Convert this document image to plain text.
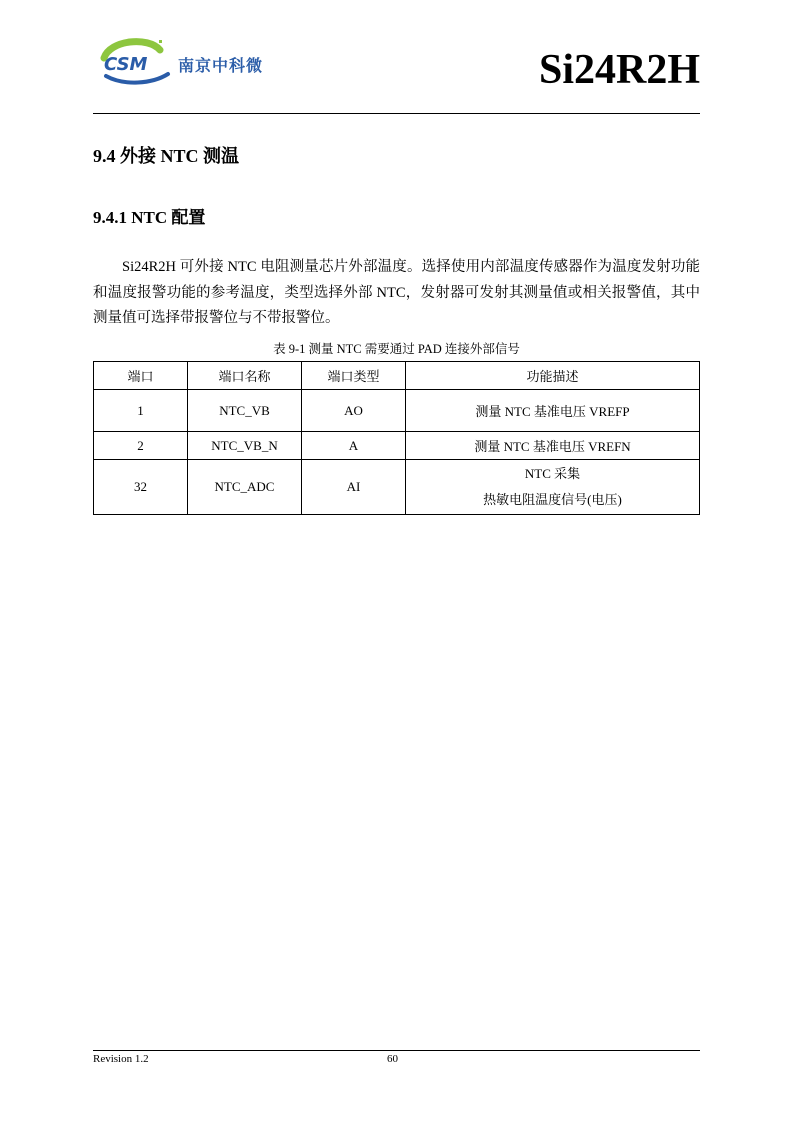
CSM 南京中科微	Si24R2H
9.4 外接 NTC 测温
9.4.1 NTC 配置

Si24R2H 可外接 NTC 电阻测量芯片外部温度。选择使用内部温度传感器作为温度发射功能和温度报警功能的参考温度，类型选择外部 NTC，发射器可发射其测量值或相关报警值，其中测量值可选择带报警位与不带报警位。

表 9-1 测量 NTC 需要通过 PAD 连接外部信号
端口	端口名称	端口类型	功能描述
1	NTC_VB	AO	测量 NTC 基准电压 VREFP
2	NTC_VB_N	A	测量 NTC 基准电压 VREFN
32	NTC_ADC	AI	NTC 采集
热敏电阻温度信号(电压)
Revision 1.2	60
